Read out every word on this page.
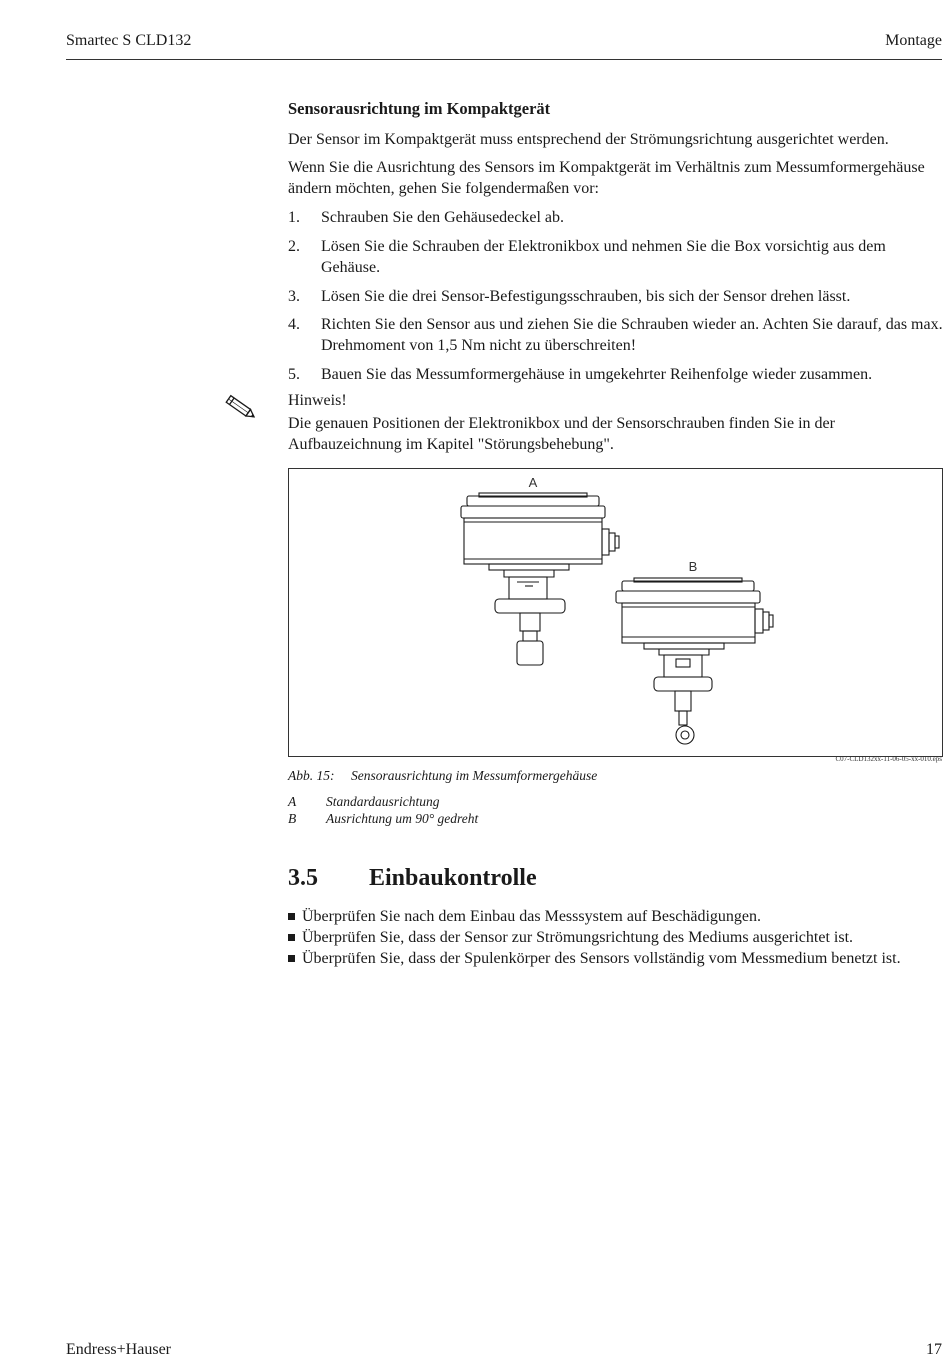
Smartec S CLD132	Montage
Sensorausrichtung im Kompaktgerät
Der Sensor im Kompaktgerät muss entsprechend der Strömungsrichtung ausgerichtet werden.
Wenn Sie die Ausrichtung des Sensors im Kompaktgerät im Verhältnis zum Messumformergehäuse ändern möchten, gehen Sie folgendermaßen vor:
1. Schrauben Sie den Gehäusedeckel ab.
2. Lösen Sie die Schrauben der Elektronikbox und nehmen Sie die Box vorsichtig aus dem Gehäuse.
3. Lösen Sie die drei Sensor-Befestigungsschrauben, bis sich der Sensor drehen lässt.
4. Richten Sie den Sensor aus und ziehen Sie die Schrauben wieder an. Achten Sie darauf, das max. Drehmoment von 1,5 Nm nicht zu überschreiten!
5. Bauen Sie das Messumformergehäuse in umgekehrter Reihenfolge wieder zusammen.
Hinweis!
Die genauen Positionen der Elektronikbox und der Sensorschrauben finden Sie in der Aufbauzeichnung im Kapitel "Störungsbehebung".
A
B
C07-CLD132xx-11-06-05-xx-010.eps
Abb. 15: Sensorausrichtung im Messumformergehäuse
A Standardausrichtung
B Ausrichtung um 90° gedreht
3.5 Einbaukontrolle
Überprüfen Sie nach dem Einbau das Messsystem auf Beschädigungen.
Überprüfen Sie, dass der Sensor zur Strömungsrichtung des Mediums ausgerichtet ist.
Überprüfen Sie, dass der Spulenkörper des Sensors vollständig vom Messmedium benetzt ist.
Endress+Hauser	17
